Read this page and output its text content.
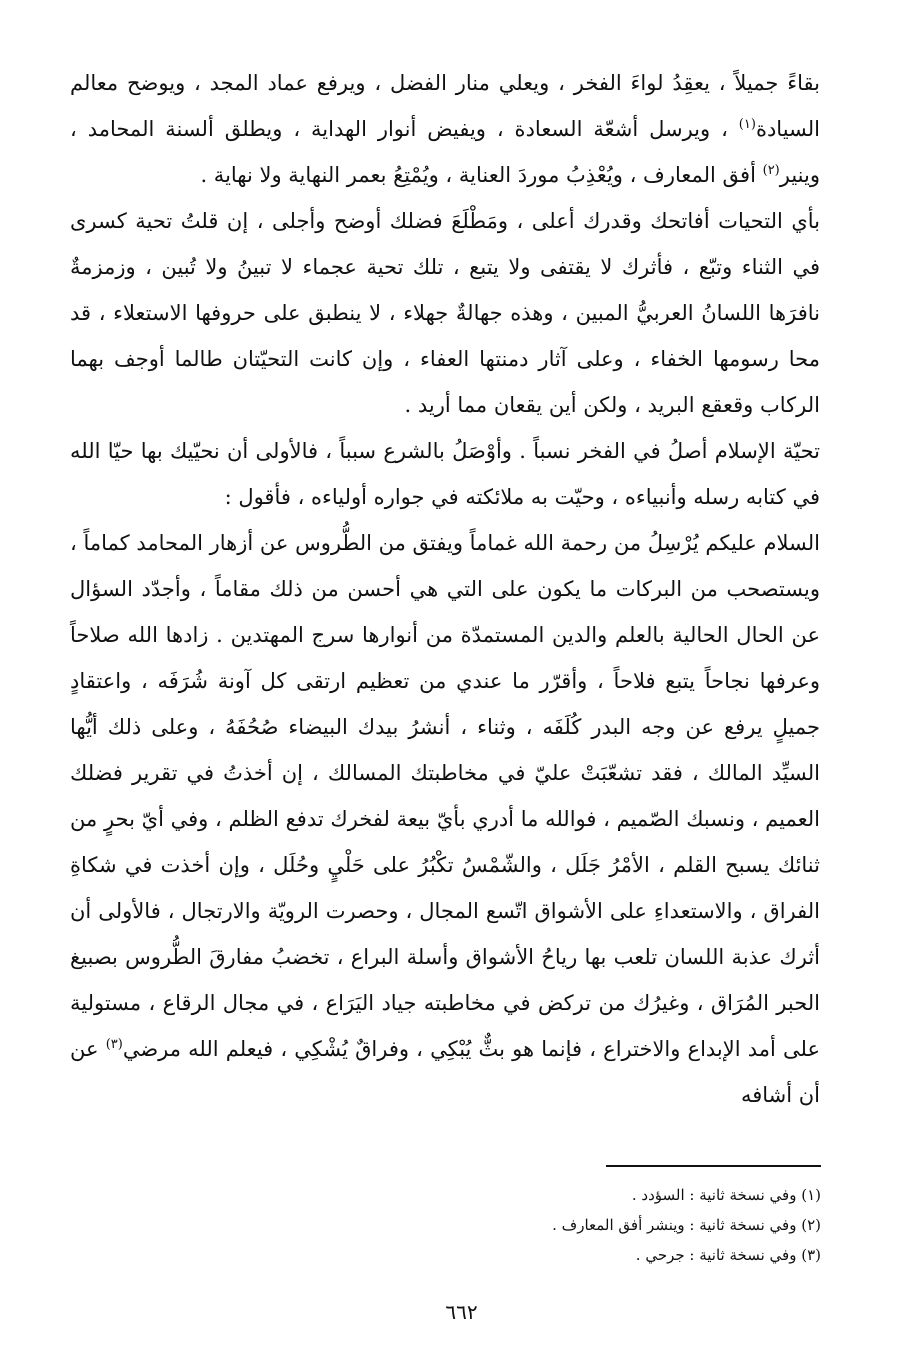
بقاءً جميلاً ، يعقِدُ لواءَ الفخر ، ويعلي منار الفضل ، ويرفع عماد المجد ، ويوضح معالم السيادة$^{(١)}$ ، ويرسل أشعّة السعادة ، ويفيض أنوار الهداية ، ويطلق ألسنة المحامد ، وينير$^{(٢)}$ أفق المعارف ، ويُعْذِبُ موردَ العناية ، ويُمْتِعُ بعمر النهاية ولا نهاية .

بأي التحيات أفاتحك وقدرك أعلى ، ومَطْلَعَ فضلك أوضح وأجلى ، إن قلتُ تحية كسرى في الثناء وتبّع ، فأثرك لا يقتفى ولا يتبع ، تلك تحية عجماء لا تبينُ ولا تُبين ، وزمزمةٌ نافرَها اللسانُ العربيُّ المبين ، وهذه جهالةٌ جهلاء ، لا ينطبق على حروفها الاستعلاء ، قد محا رسومها الخفاء ، وعلى آثار دمنتها العفاء ، وإن كانت التحيّتان طالما أوجف بهما الركاب وقعقع البريد ، ولكن أين يقعان مما أريد .

تحيّة الإسلام أصلُ في الفخر نسباً . وأوْصَلُ بالشرع سبباً ، فالأولى أن نحيّيك بها حيّا الله في كتابه رسله وأنبياءه ، وحيّت به ملائكته في جواره أولياءه ، فأقول :

السلام عليكم يُرْسِلُ من رحمة الله غماماً ويفتق من الطُّروس عن أزهار المحامد كماماً ، ويستصحب من البركات ما يكون على التي هي أحسن من ذلك مقاماً ، وأجدّد السؤال عن الحال الحالية بالعلم والدين المستمدّة من أنوارها سرج المهتدين . زادها الله صلاحاً وعرفها نجاحاً يتبع فلاحاً ، وأقرّر ما عندي من تعظيم ارتقى كل آونة شُرَفَه ، واعتقادٍ جميلٍ يرفع عن وجه البدر كُلَفَه ، وثناء ، أنشرُ بيدك البيضاء صُحُفَهُ ، وعلى ذلك أيُّها السيِّد المالك ، فقد تشعّبَتْ عليّ في مخاطبتك المسالك ، إن أخذتُ في تقرير فضلك العميم ، ونسبك الصّميم ، فوالله ما أدري بأيّ بيعة لفخرك تدفع الظلم ، وفي أيّ بحرٍ من ثنائك يسبح القلم ، الأمْرُ جَلَل ، والشّمْسُ تكْبُرُ على حَلْيٍ وحُلَل ، وإن أخذت في شكاةِ الفراق ، والاستعداءِ على الأشواق اتّسع المجال ، وحصرت الرويّة والارتجال ، فالأولى أن أثرك عذبة اللسان تلعب بها رياحُ الأشواق وأسلة البراع ، تخضبُ مفارقَ الطُّروس بصبيغ الحبر المُرَاق ، وغيرُك من تركض في مخاطبته جياد اليَرَاع ، في مجال الرقاع ، مستولية على أمد الإبداع والاختراع ، فإنما هو بثٌّ يُبْكِي ، وفراقٌ يُشْكِي ، فيعلم الله مرضي$^{(٣)}$ عن أن أشافه

(١) وفي نسخة ثانية : السؤدد .

(٢) وفي نسخة ثانية : وينشر أفق المعارف .

(٣) وفي نسخة ثانية : جرحي .

٦٦٢
